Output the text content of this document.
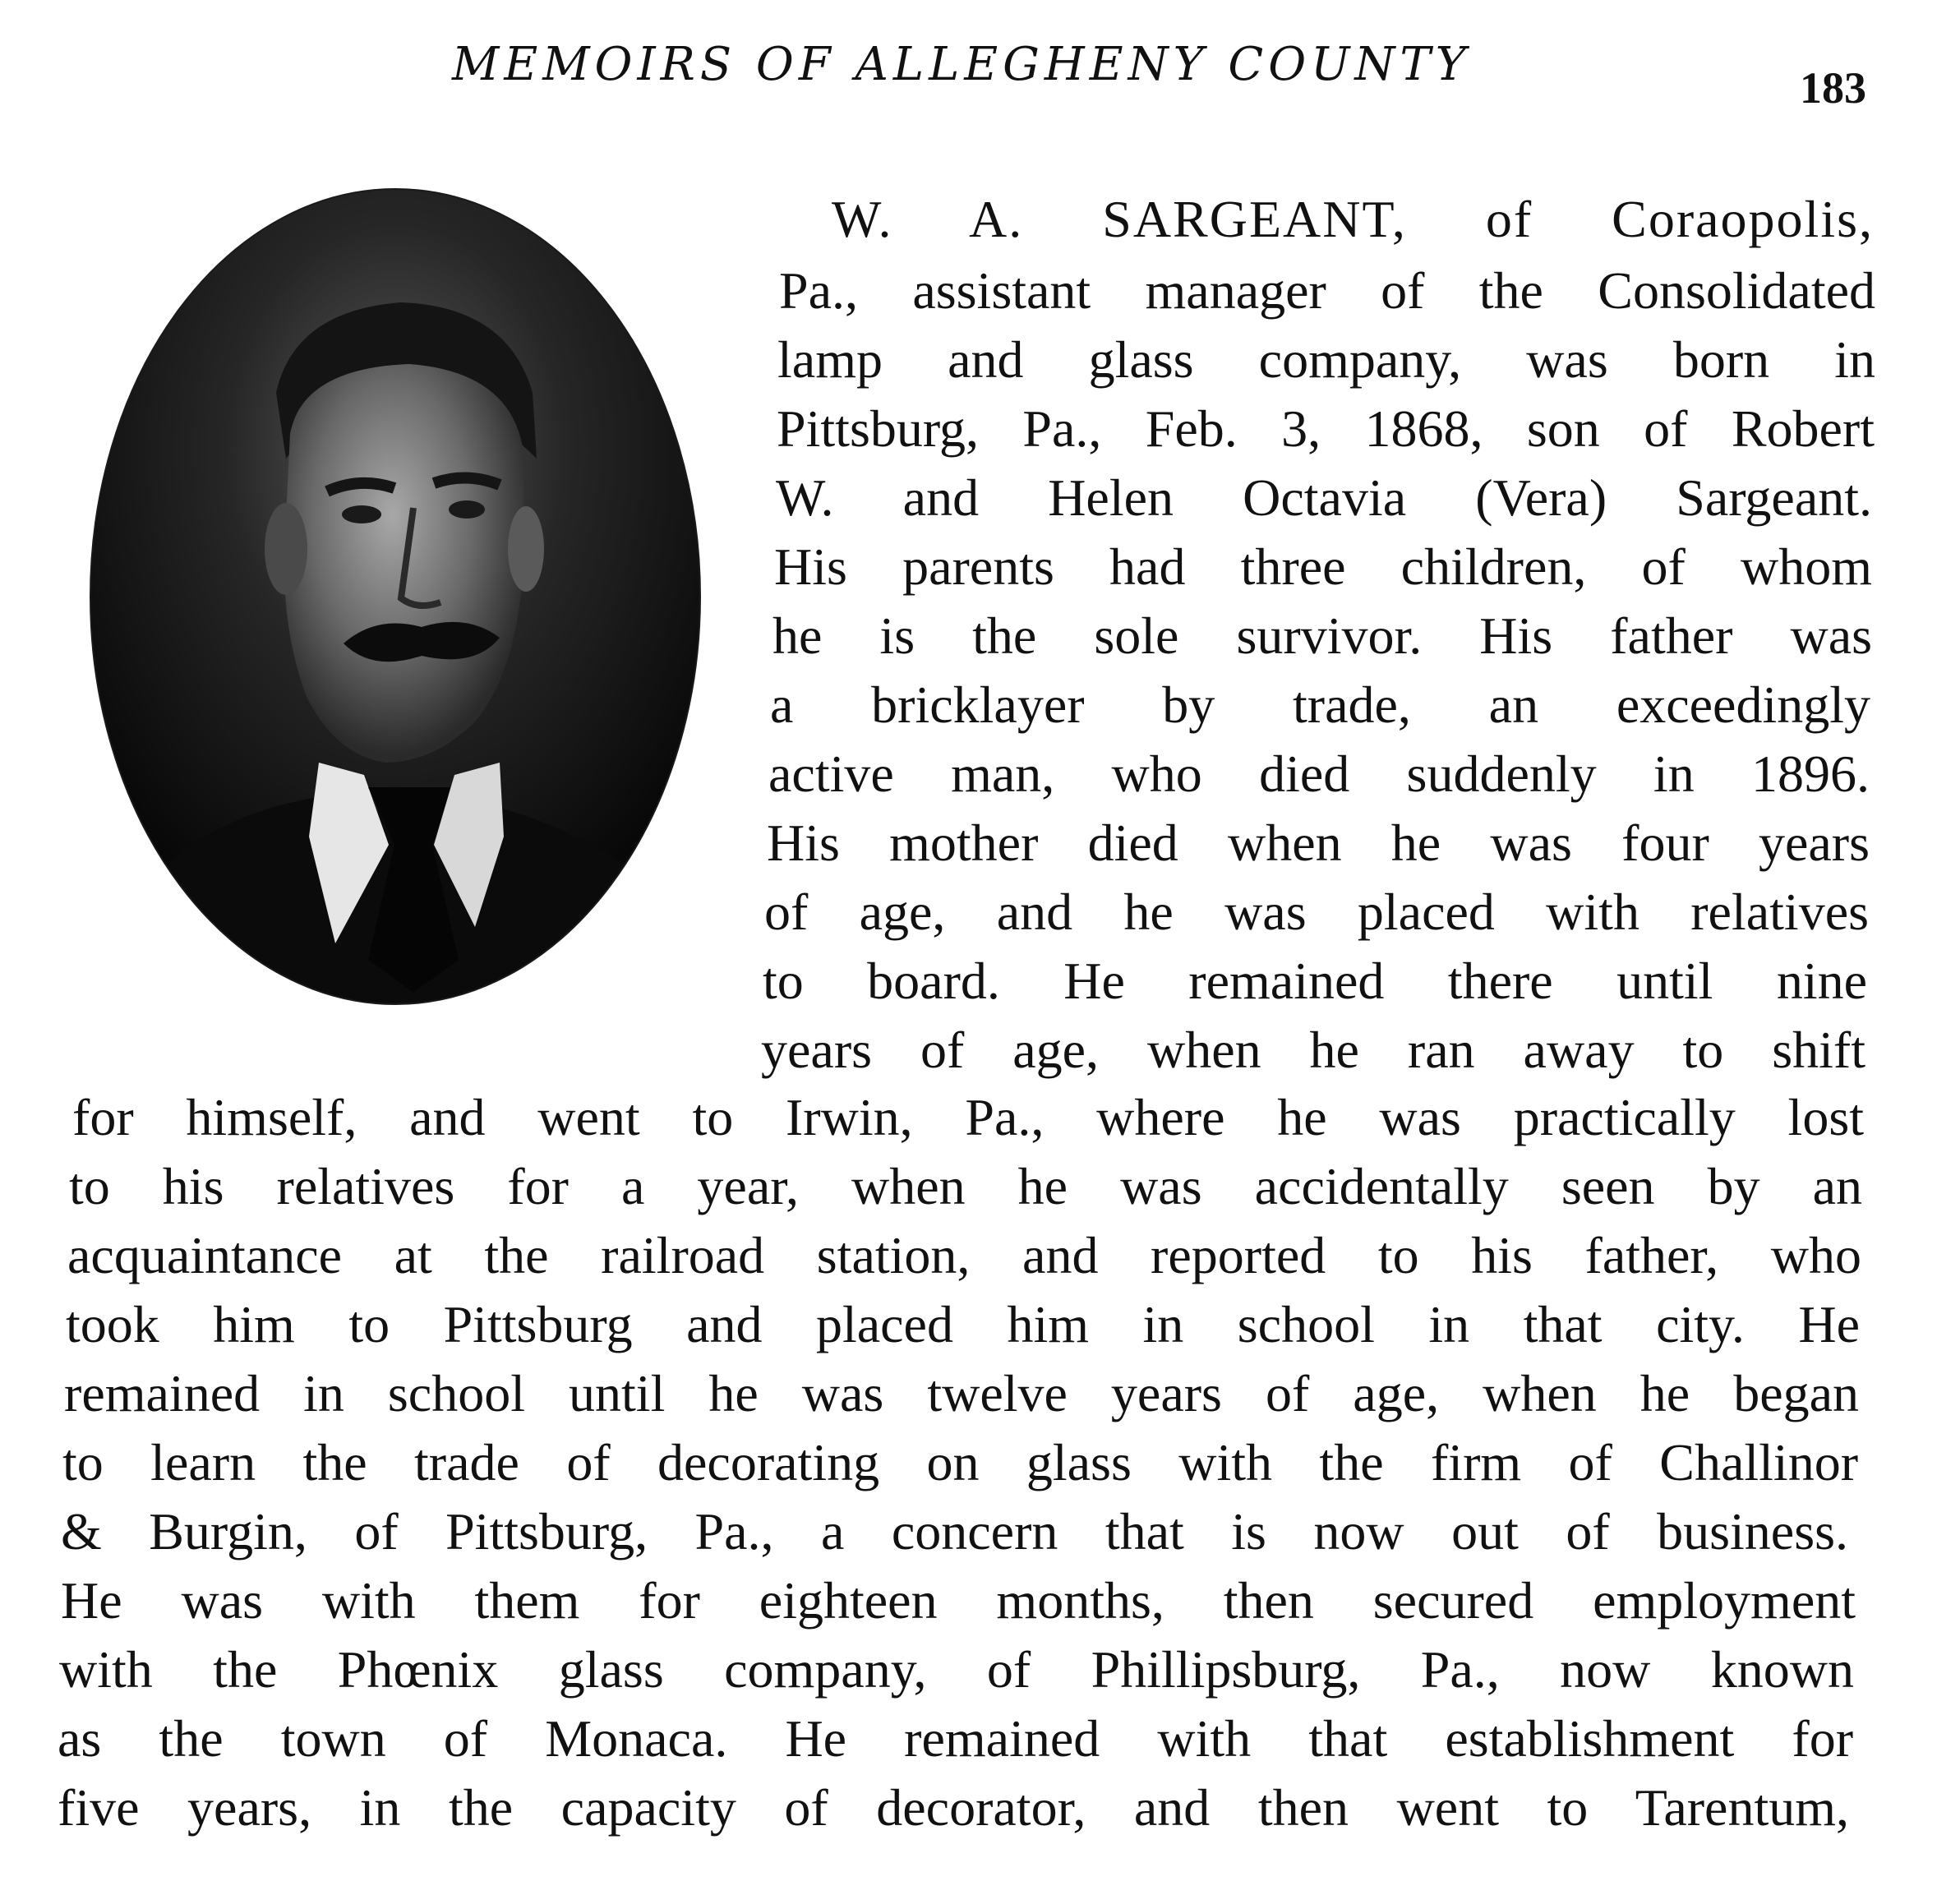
MEMOIRS OF ALLEGHENY COUNTY	183
W. A. SARGEANT, of Coraopolis,
Pa., assistant manager of the Consolidated
lamp and glass company, was born in
Pittsburg, Pa., Feb. 3, 1868, son of Robert
W. and Helen Octavia (Vera) Sargeant.
His parents had three children, of whom
he is the sole survivor. His father was
a bricklayer by trade, an exceedingly
active man, who died suddenly in 1896.
His mother died when he was four years
of age, and he was placed with relatives
to board. He remained there until nine
years of age, when he ran away to shift
for himself, and went to Irwin, Pa., where he was practically lost
to his relatives for a year, when he was accidentally seen by an
acquaintance at the railroad station, and reported to his father, who
took him to Pittsburg and placed him in school in that city. He
remained in school until he was twelve years of age, when he began
to learn the trade of decorating on glass with the firm of Challinor
& Burgin, of Pittsburg, Pa., a concern that is now out of business.
He was with them for eighteen months, then secured employment
with the Phœnix glass company, of Phillipsburg, Pa., now known
as the town of Monaca. He remained with that establishment for
five years, in the capacity of decorator, and then went to Tarentum,
